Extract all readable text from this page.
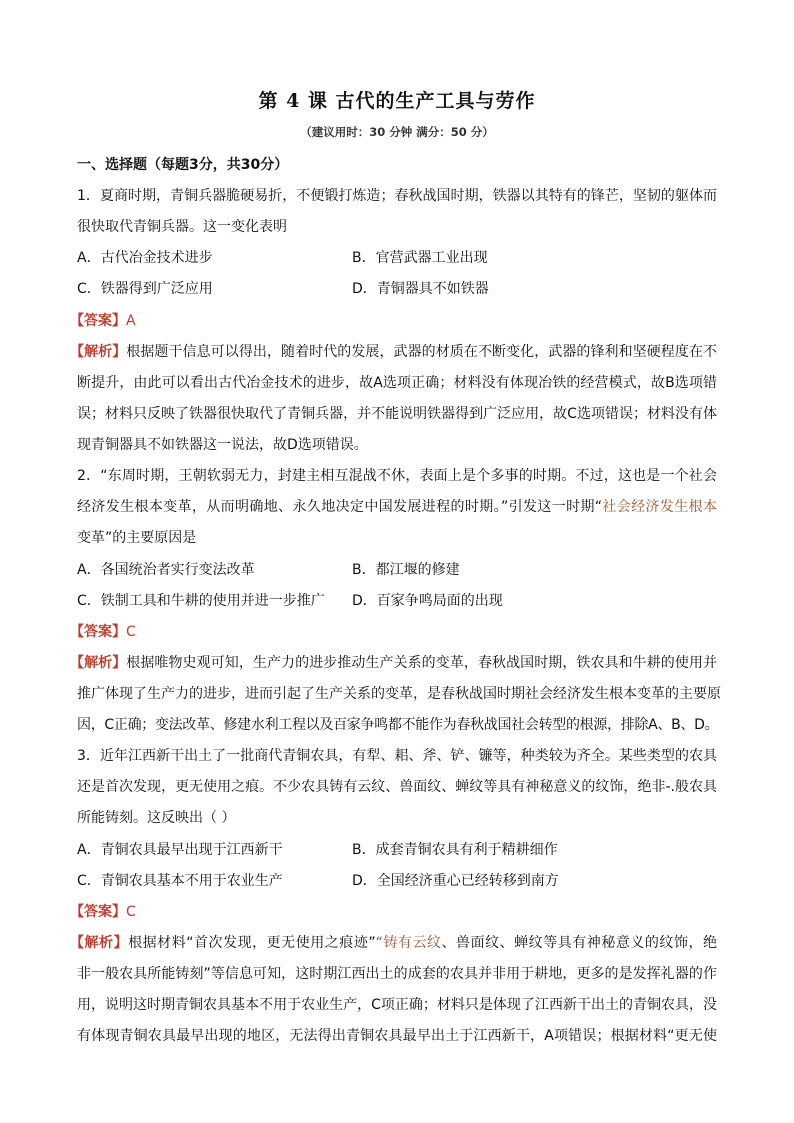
第 4 课 古代的生产工具与劳作
（建议用时：30 分钟 满分：50 分）
一、选择题（每题3分，共30分）
1．夏商时期，青铜兵器脆硬易折，不便锻打炼造；春秋战国时期，铁器以其特有的锋芒，坚韧的躯体而
很快取代青铜兵器。这一变化表明
A．古代冶金技术进步	B．官营武器工业出现
C．铁器得到广泛应用	D．青铜器具不如铁器
【答案】A
【解析】根据题干信息可以得出，随着时代的发展，武器的材质在不断变化，武器的锋利和坚硬程度在不
断提升，由此可以看出古代冶金技术的进步，故A选项正确；材料没有体现冶铁的经营模式，故B选项错
误；材料只反映了铁器很快取代了青铜兵器，并不能说明铁器得到广泛应用，故C选项错误；材料没有体
现青铜器具不如铁器这一说法，故D选项错误。
2．“东周时期，王朝软弱无力，封建主相互混战不休，表面上是个多事的时期。不过，这也是一个社会
经济发生根本变革，从而明确地、永久地决定中国发展进程的时期。”引发这一时期“社会经济发生根本
变革”的主要原因是
A．各国统治者实行变法改革	B．都江堰的修建
C．铁制工具和牛耕的使用并进一步推广 D．百家争鸣局面的出现
【答案】C
【解析】根据唯物史观可知，生产力的进步推动生产关系的变革，春秋战国时期，铁农具和牛耕的使用并
推广体现了生产力的进步，进而引起了生产关系的变革，是春秋战国时期社会经济发生根本变革的主要原
因，C正确；变法改革、修建水利工程以及百家争鸣都不能作为春秋战国社会转型的根源，排除A、B、D。
3．近年江西新干出土了一批商代青铜农具，有犁、耜、斧、铲、镰等，种类较为齐全。某些类型的农具
还是首次发现，更无使用之痕。不少农具铸有云纹、兽面纹、蝉纹等具有神秘意义的纹饰，绝非-.般农具
所能铸刻。这反映出（ ）
A．青铜农具最早出现于江西新干	B．成套青铜农具有利于精耕细作
C．青铜农具基本不用于农业生产	D．全国经济重心已经转移到南方
【答案】C
【解析】根据材料“首次发现，更无使用之痕迹”“铸有云纹、兽面纹、蝉纹等具有神秘意义的纹饰，绝
非一般农具所能铸刻”等信息可知，这时期江西出土的成套的农具并非用于耕地，更多的是发挥礼器的作
用，说明这时期青铜农具基本不用于农业生产，C项正确；材料只是体现了江西新干出土的青铜农具，没
有体现青铜农具最早出现的地区，无法得出青铜农具最早出土于江西新干，A项错误；根据材料“更无使
